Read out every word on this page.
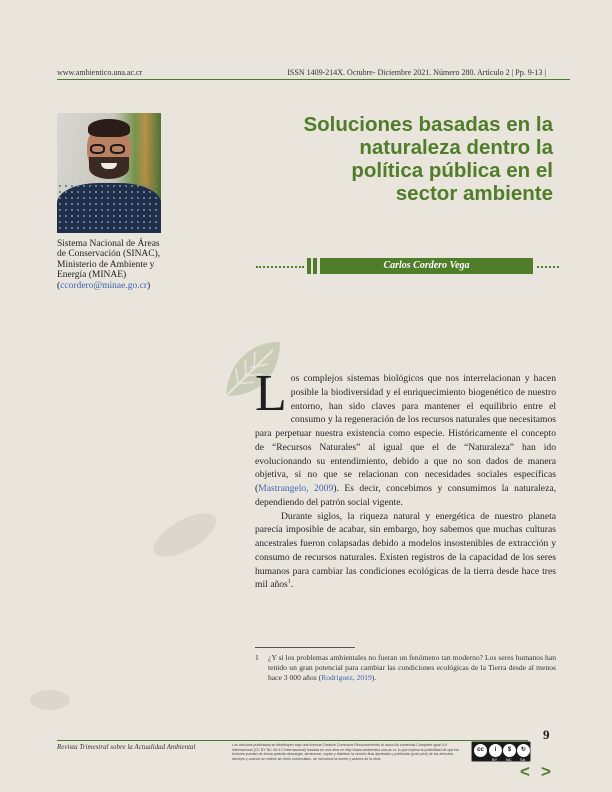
www.ambientico.una.ac.cr	ISSN 1409-214X. Octubre- Diciembre 2021. Número 280. Artículo 2 | Pp. 9-13 |
Sistema Nacional de Áreas de Conservación (SINAC), Ministerio de Ambiente y Energía (MINAE) (ccordero@minae.go.cr)
Soluciones basadas en la naturaleza dentro la política pública en el sector ambiente
Carlos Cordero Vega

Los complejos sistemas biológicos que nos interrelacionan y hacen posible la biodiversidad y el enriquecimiento biogenético de nuestro entorno, han sido claves para mantener el equilibrio entre el consumo y la regeneración de los recursos naturales que necesitamos para perpetuar nuestra existencia como especie. Históricamente el concepto de “Recursos Naturales” al igual que el de “Naturaleza” han ido evolucionando su entendimiento, debido a que no son dados de manera objetiva, si no que se relacionan con necesidades sociales específicas (Mastrangelo, 2009). Es decir, concebimos y consumimos la naturaleza, dependiendo del patrón social vigente.

Durante siglos, la riqueza natural y energética de nuestro planeta parecía imposible de acabar, sin embargo, hoy sabemos que muchas culturas ancestrales fueron colapsadas debido a modelos insostenibles de extracción y consumo de recursos naturales. Existen registros de la capacidad de los seres humanos para cambiar las condiciones ecológicas de la tierra desde hace tres mil años$^1$.

1 ¿Y si los problemas ambientales no fueran un fenómeno tan moderno? Los seres humanos han tenido un gran potencial para cambiar las condiciones ecológicas de la Tierra desde al menos hace 3 000 años (Rodríguez, 2019).
9
Revista Trimestral sobre la Actualidad Ambiental	Los artículos publicados se distribuyen bajo una licencia Creative Commons Reconocimiento al autor-No comercial-Compartir igual 4.0 Internacional (CC BY NC SA 4.0 Internacional) basada en una obra en http://www.ambientico.una.ac.cr, lo que implica la posibilidad de que los lectores puedan de forma gratuita descargar, almacenar, copiar y distribuir la versión final aprobada y publicada (post print) de los artículos, siempre y cuando se realice sin fines comerciales, se mencione la fuente y autoría de la obra.
cc	i	$	↻
BY NC SA
< >
